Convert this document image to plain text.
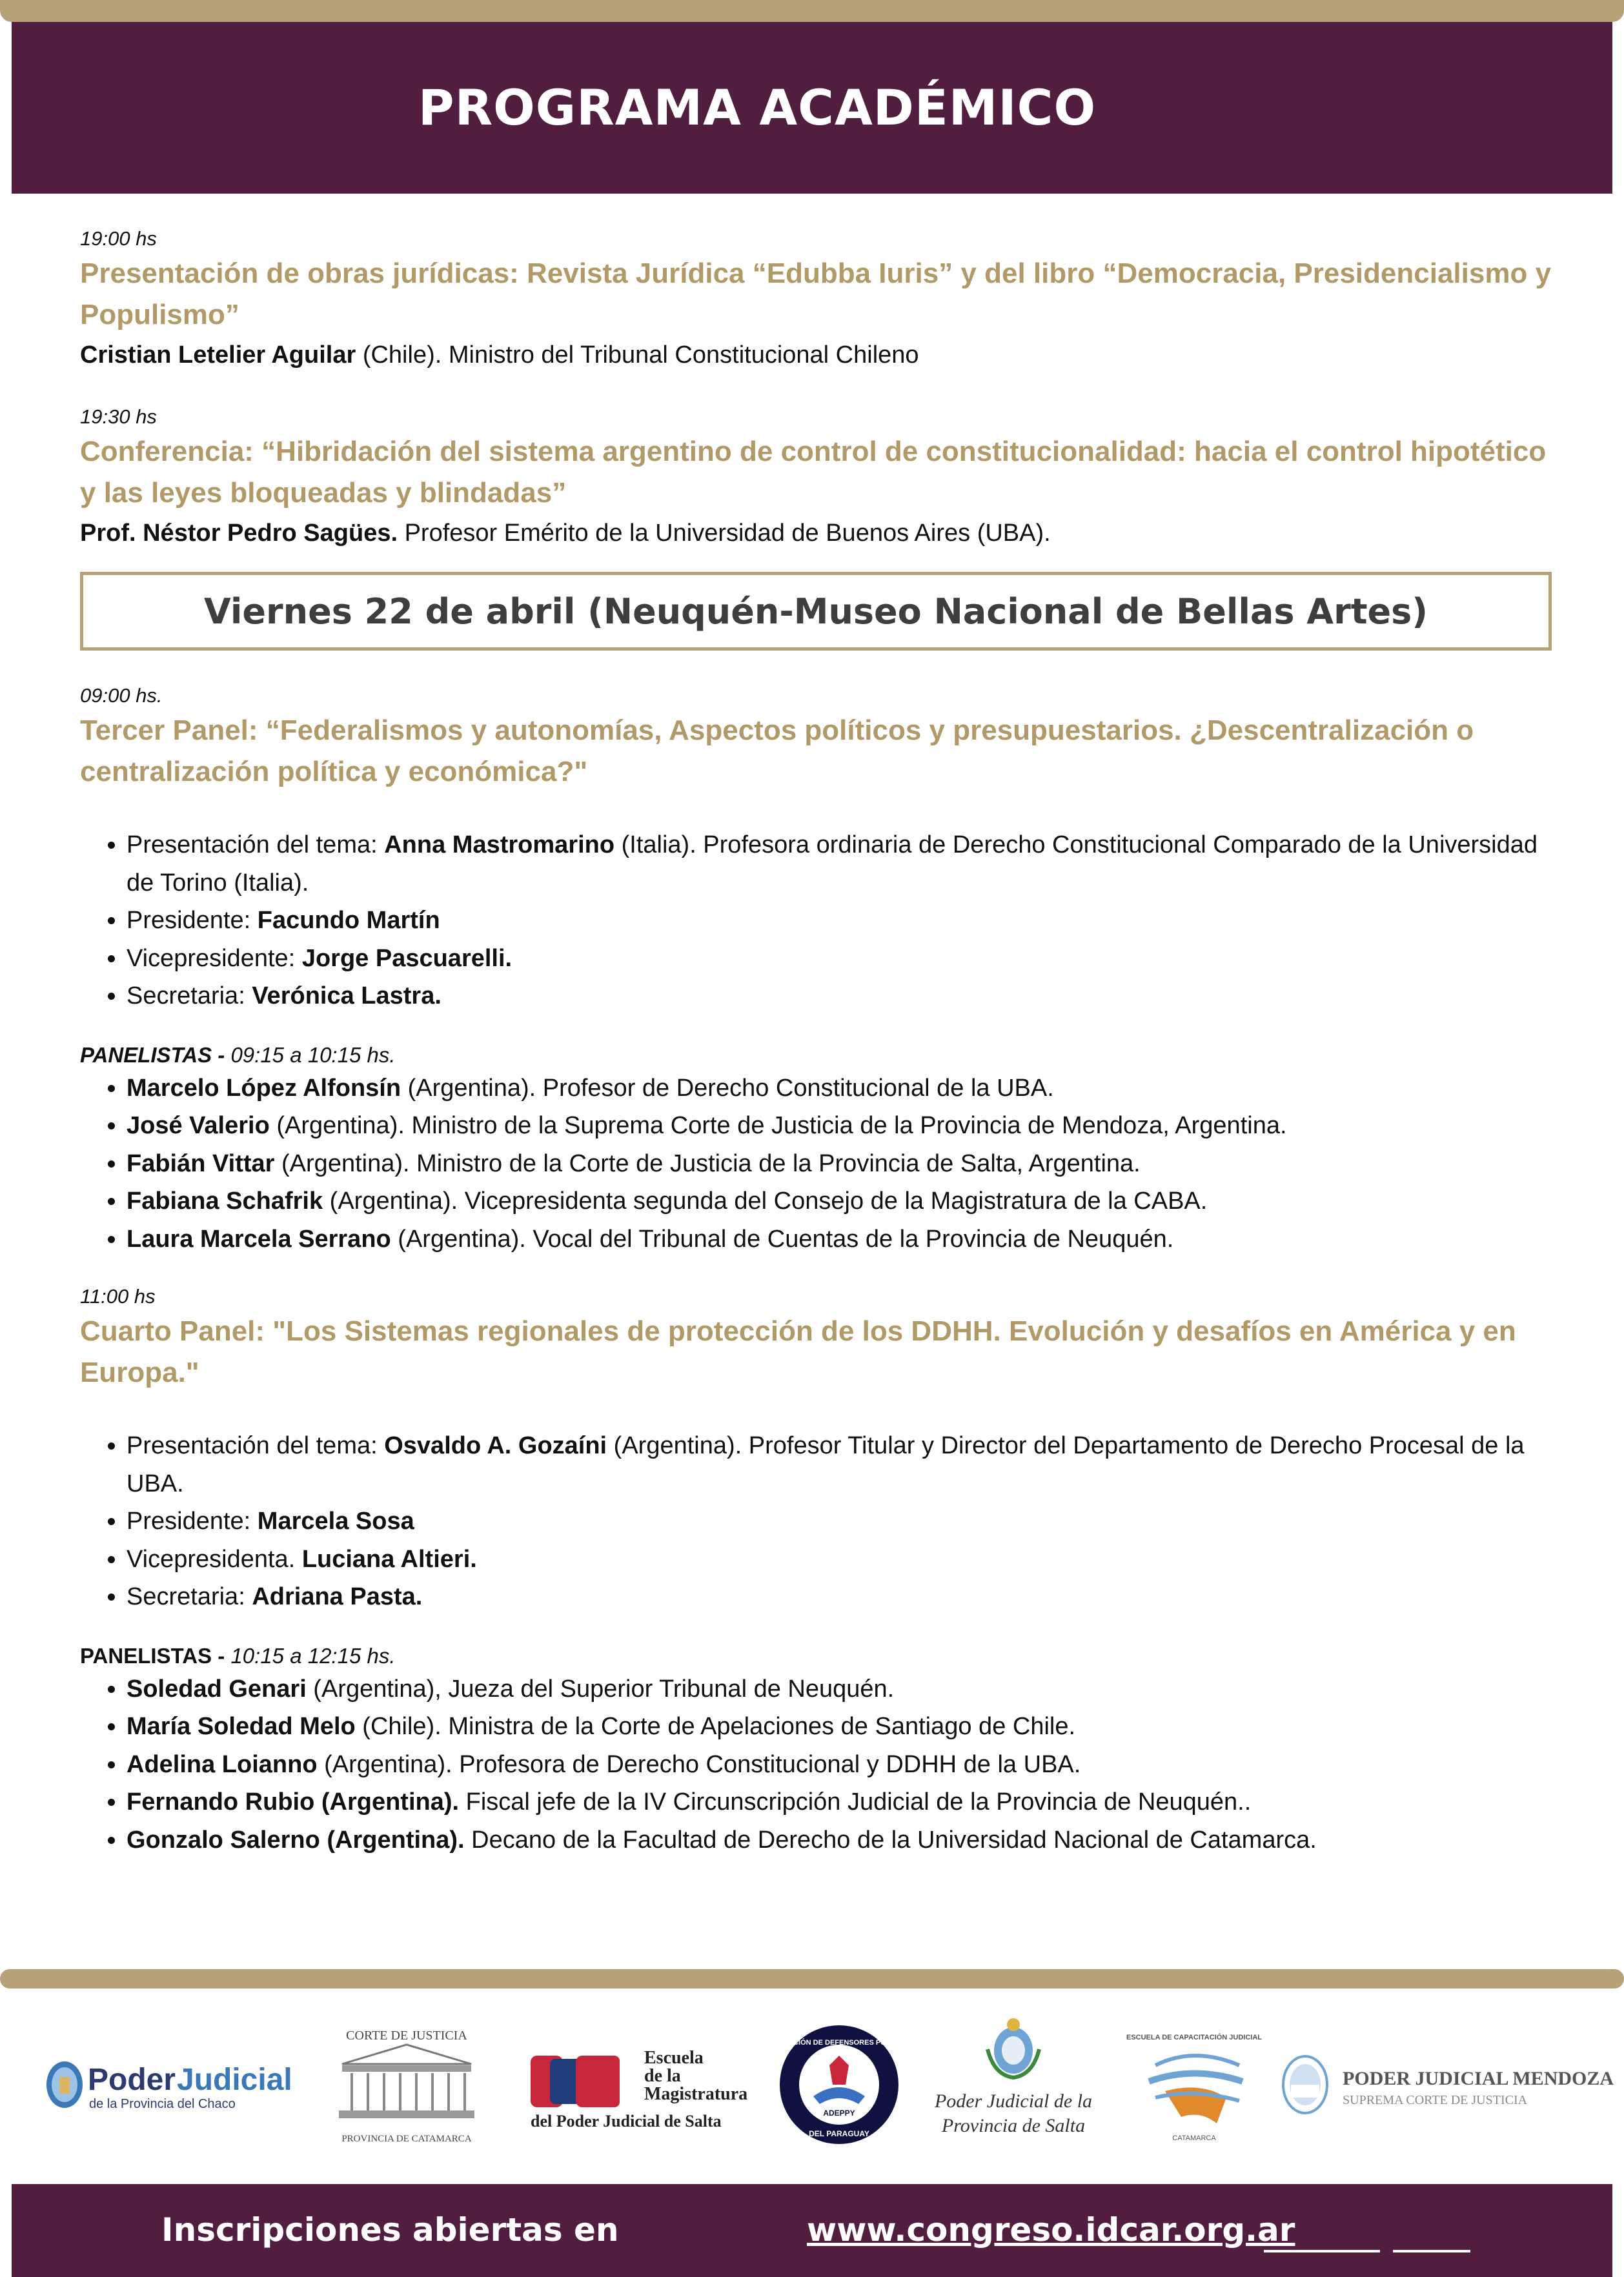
PROGRAMA ACADÉMICO

19:00 hs

Presentación de obras jurídicas: Revista Jurídica “Edubba Iuris” y del libro “Democracia, Presidencialismo y Populismo”

Cristian Letelier Aguilar (Chile). Ministro del Tribunal Constitucional Chileno

19:30 hs

Conferencia: “Hibridación del sistema argentino de control de constitucionalidad: hacia el control hipotético y las leyes bloqueadas y blindadas”

Prof. Néstor Pedro Sagües. Profesor Emérito de la Universidad de Buenos Aires (UBA).

Viernes 22 de abril (Neuquén-Museo Nacional de Bellas Artes)

09:00 hs.

Tercer Panel: “Federalismos y autonomías, Aspectos políticos y presupuestarios. ¿Descentralización o centralización política y económica?"

• Presentación del tema: Anna Mastromarino (Italia). Profesora ordinaria de Derecho Constitucional Comparado de la Universidad de Torino (Italia).
• Presidente: Facundo Martín
• Vicepresidente: Jorge Pascuarelli.
• Secretaria: Verónica Lastra.

PANELISTAS - 09:15 a 10:15 hs.

• Marcelo López Alfonsín (Argentina). Profesor de Derecho Constitucional de la UBA.
• José Valerio (Argentina). Ministro de la Suprema Corte de Justicia de la Provincia de Mendoza, Argentina.
• Fabián Vittar (Argentina). Ministro de la Corte de Justicia de la Provincia de Salta, Argentina.
• Fabiana Schafrik (Argentina). Vicepresidenta segunda del Consejo de la Magistratura de la CABA.
• Laura Marcela Serrano (Argentina). Vocal del Tribunal de Cuentas de la Provincia de Neuquén.

11:00 hs

Cuarto Panel: "Los Sistemas regionales de protección de los DDHH. Evolución y desafíos en América y en Europa."

• Presentación del tema: Osvaldo A. Gozaíni (Argentina). Profesor Titular y Director del Departamento de Derecho Procesal de la UBA.
• Presidente: Marcela Sosa
• Vicepresidenta. Luciana Altieri.
• Secretaria: Adriana Pasta.

PANELISTAS - 10:15 a 12:15 hs.

• Soledad Genari (Argentina), Jueza del Superior Tribunal de Neuquén.
• María Soledad Melo (Chile). Ministra de la Corte de Apelaciones de Santiago de Chile.
• Adelina Loianno (Argentina). Profesora de Derecho Constitucional y DDHH de la UBA.
• Fernando Rubio (Argentina). Fiscal jefe de la IV Circunscripción Judicial de la Provincia de Neuquén..
• Gonzalo Salerno (Argentina). Decano de la Facultad de Derecho de la Universidad Nacional de Catamarca.
Poder Judicial
de la Provincia del Chaco
CORTE DE JUSTICIA
PROVINCIA DE CATAMARCA
Escuela
de la
Magistratura
del Poder Judicial de Salta
ASOCIACIÓN DE DEFENSORES PÚBLICOS
ADEPPY
DEL PARAGUAY
Poder Judicial de la
Provincia de Salta
ESCUELA DE CAPACITACIÓN JUDICIAL
CATAMARCA
PODER JUDICIAL MENDOZA
SUPREMA CORTE DE JUSTICIA
Inscripciones abiertas en	www.congreso.idcar.org.ar
